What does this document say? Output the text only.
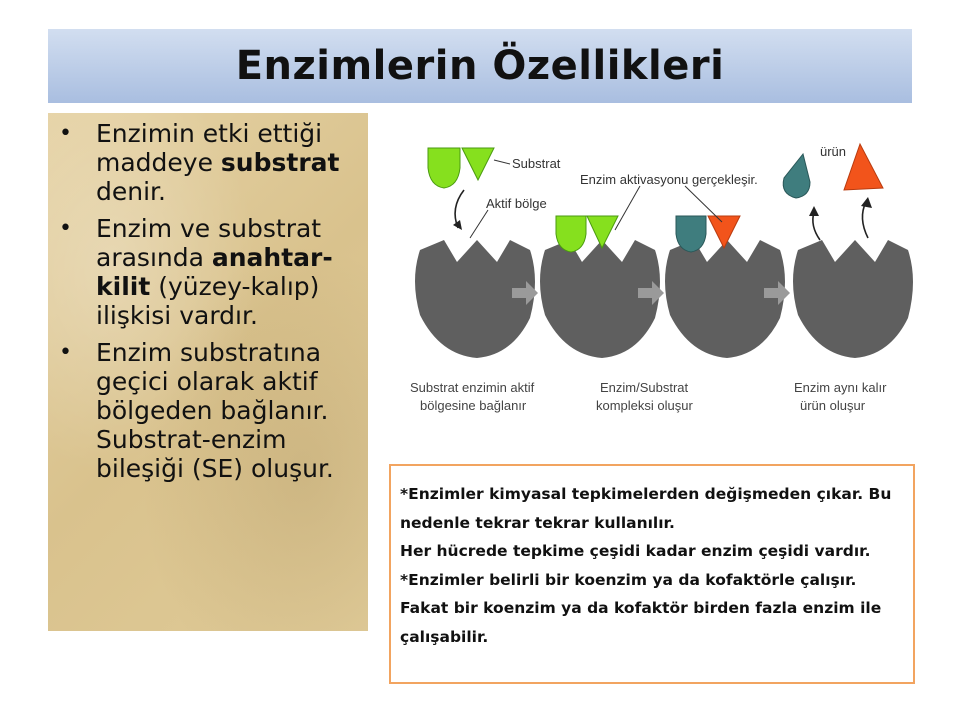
Enzimlerin Özellikleri
• Enzimin etki ettiği maddeye substrat denir.
• Enzim ve substrat arasında anahtar-kilit (yüzey-kalıp) ilişkisi vardır.
• Enzim substratına geçici olarak aktif bölgeden bağlanır. Substrat-enzim bileşiği (SE) oluşur.
Substrat
Aktif bölge
Enzim aktivasyonu gerçekleşir.
ürün
Substrat enzimin aktif
bölgesine bağlanır
Enzim/Substrat
kompleksi oluşur
Enzim aynı kalır
ürün oluşur

*Enzimler kimyasal tepkimelerden değişmeden çıkar. Bu nedenle tekrar tekrar kullanılır.

Her hücrede tepkime çeşidi kadar enzim çeşidi vardır.

*Enzimler belirli bir koenzim ya da kofaktörle çalışır. Fakat bir koenzim ya da kofaktör birden fazla enzim ile çalışabilir.
